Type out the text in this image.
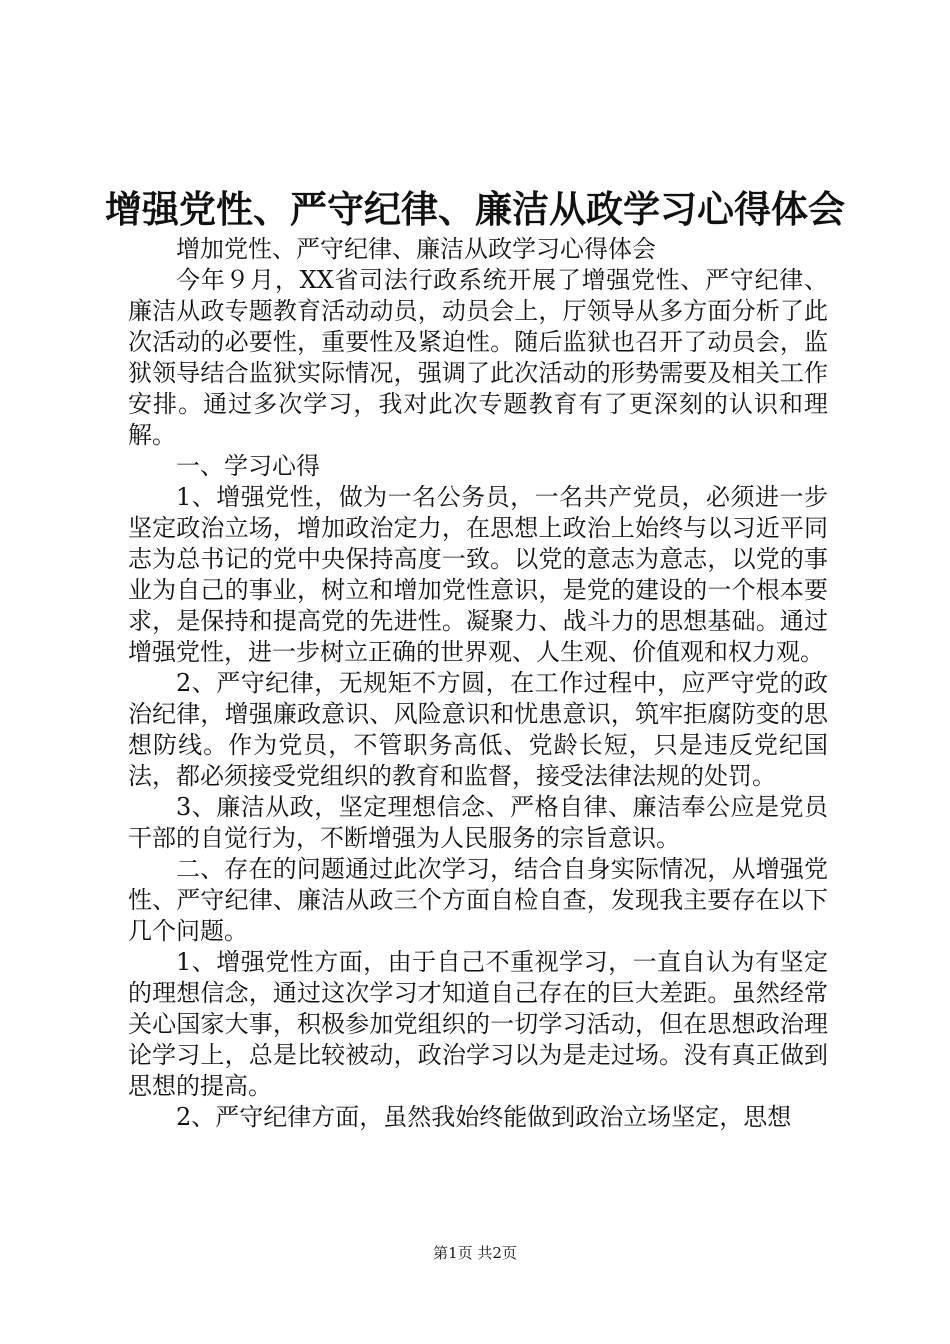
增强党性、严守纪律、廉洁从政学习心得体会

增加党性、严守纪律、廉洁从政学习心得体会

今年９月，XX省司法行政系统开展了增强党性、严守纪律、廉洁从政专题教育活动动员，动员会上，厅领导从多方面分析了此次活动的必要性，重要性及紧迫性。随后监狱也召开了动员会，监狱领导结合监狱实际情况，强调了此次活动的形势需要及相关工作安排。通过多次学习，我对此次专题教育有了更深刻的认识和理解。

一、学习心得

1、增强党性，做为一名公务员，一名共产党员，必须进一步坚定政治立场，增加政治定力，在思想上政治上始终与以习近平同志为总书记的党中央保持高度一致。以党的意志为意志，以党的事业为自己的事业，树立和增加党性意识，是党的建设的一个根本要求，是保持和提高党的先进性。凝聚力、战斗力的思想基础。通过增强党性，进一步树立正确的世界观、人生观、价值观和权力观。

2、严守纪律，无规矩不方圆，在工作过程中，应严守党的政治纪律，增强廉政意识、风险意识和忧患意识，筑牢拒腐防变的思想防线。作为党员，不管职务高低、党龄长短，只是违反党纪国法，都必须接受党组织的教育和监督，接受法律法规的处罚。

3、廉洁从政，坚定理想信念、严格自律、廉洁奉公应是党员干部的自觉行为，不断增强为人民服务的宗旨意识。

二、存在的问题通过此次学习，结合自身实际情况，从增强党性、严守纪律、廉洁从政三个方面自检自查，发现我主要存在以下几个问题。

1、增强党性方面，由于自己不重视学习，一直自认为有坚定的理想信念，通过这次学习才知道自己存在的巨大差距。虽然经常关心国家大事，积极参加党组织的一切学习活动，但在思想政治理论学习上，总是比较被动，政治学习以为是走过场。没有真正做到思想的提高。

2、严守纪律方面，虽然我始终能做到政治立场坚定，思想

第1页 共2页
